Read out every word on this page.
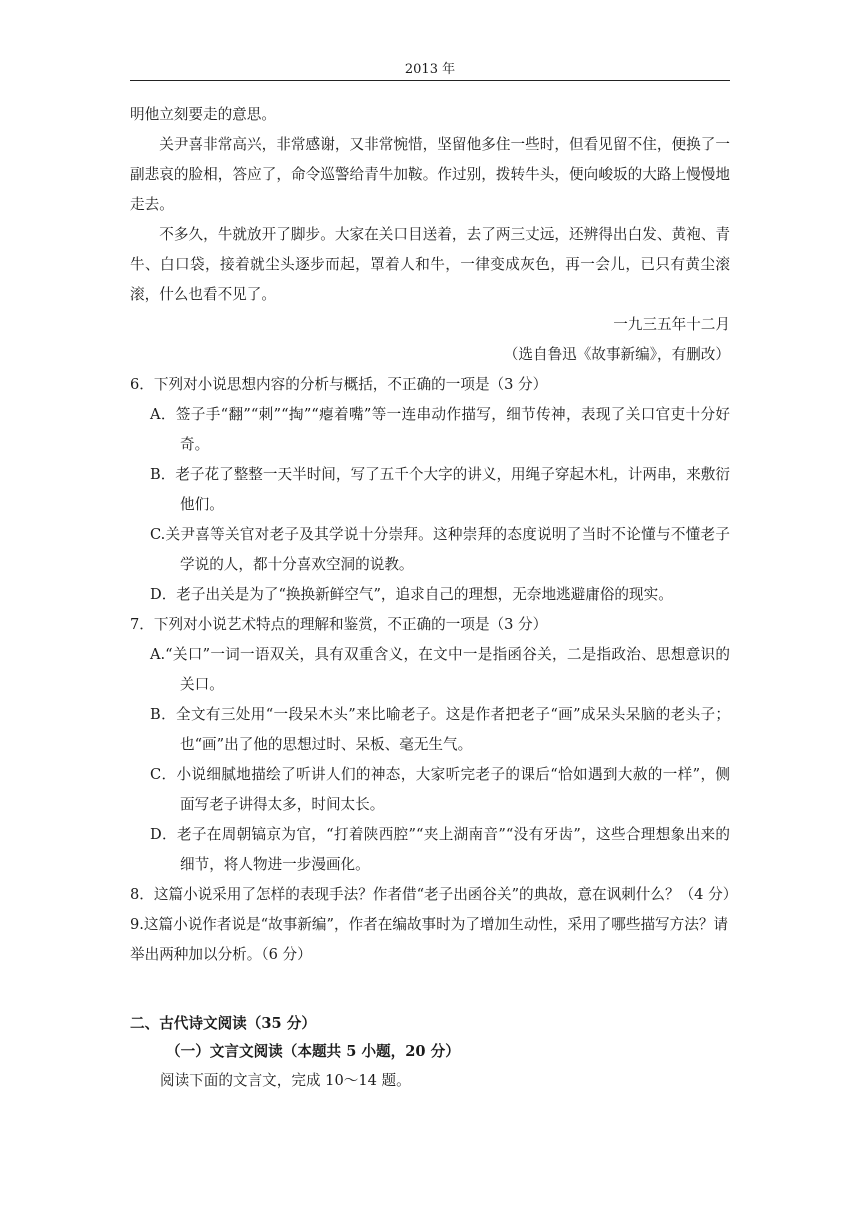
2013 年

明他立刻要走的意思。

关尹喜非常高兴，非常感谢，又非常惋惜，坚留他多住一些时，但看见留不住，便换了一副悲哀的脸相，答应了，命令巡警给青牛加鞍。作过别，拨转牛头，便向峻坂的大路上慢慢地走去。

不多久，牛就放开了脚步。大家在关口目送着，去了两三丈远，还辨得出白发、黄袍、青牛、白口袋，接着就尘头逐步而起，罩着人和牛，一律变成灰色，再一会儿，已只有黄尘滚滚，什么也看不见了。

一九三五年十二月

（选自鲁迅《故事新编》，有删改）

6．下列对小说思想内容的分析与概括，不正确的一项是（3 分）

A．签子手“翻”“刺”“掏”“瘪着嘴”等一连串动作描写，细节传神，表现了关口官吏十分好奇。

B．老子花了整整一天半时间，写了五千个大字的讲义，用绳子穿起木札，计两串，来敷衍他们。

C.关尹喜等关官对老子及其学说十分崇拜。这种崇拜的态度说明了当时不论懂与不懂老子学说的人，都十分喜欢空洞的说教。

D．老子出关是为了“换换新鲜空气”，追求自己的理想，无奈地逃避庸俗的现实。

7．下列对小说艺术特点的理解和鉴赏，不正确的一项是（3 分）

A.“关口”一词一语双关，具有双重含义，在文中一是指函谷关，二是指政治、思想意识的关口。

B．全文有三处用“一段呆木头”来比喻老子。这是作者把老子“画”成呆头呆脑的老头子；也“画”出了他的思想过时、呆板、毫无生气。

C．小说细腻地描绘了听讲人们的神态，大家听完老子的课后“恰如遇到大赦的一样”，侧面写老子讲得太多，时间太长。

D．老子在周朝镐京为官，“打着陕西腔”“夹上湖南音”“没有牙齿”，这些合理想象出来的细节，将人物进一步漫画化。

8．这篇小说采用了怎样的表现手法？作者借“老子出函谷关”的典故，意在讽刺什么？（4 分）

9.这篇小说作者说是“故事新编”，作者在编故事时为了增加生动性，采用了哪些描写方法？请举出两种加以分析。（6 分）

二、古代诗文阅读（35 分）

（一）文言文阅读（本题共 5 小题，20 分）

阅读下面的文言文，完成 10～14 题。
